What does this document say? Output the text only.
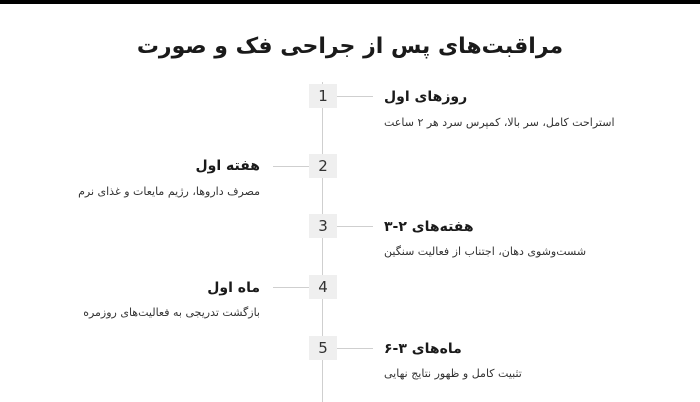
مراقبت‌های پس از جراحی فک و صورت
1	روزهای اول
استراحت کامل، سر بالا، کمپرس سرد هر ۲ ساعت
2
هفته اول
مصرف داروها، رژیم مایعات و غذای نرم
3	هفته‌های ۲-۳
شست‌وشوی دهان، اجتناب از فعالیت سنگین
4
ماه اول
بازگشت تدریجی به فعالیت‌های روزمره
5	ماه‌های ۳-۶
تثبیت کامل و ظهور نتایج نهایی
